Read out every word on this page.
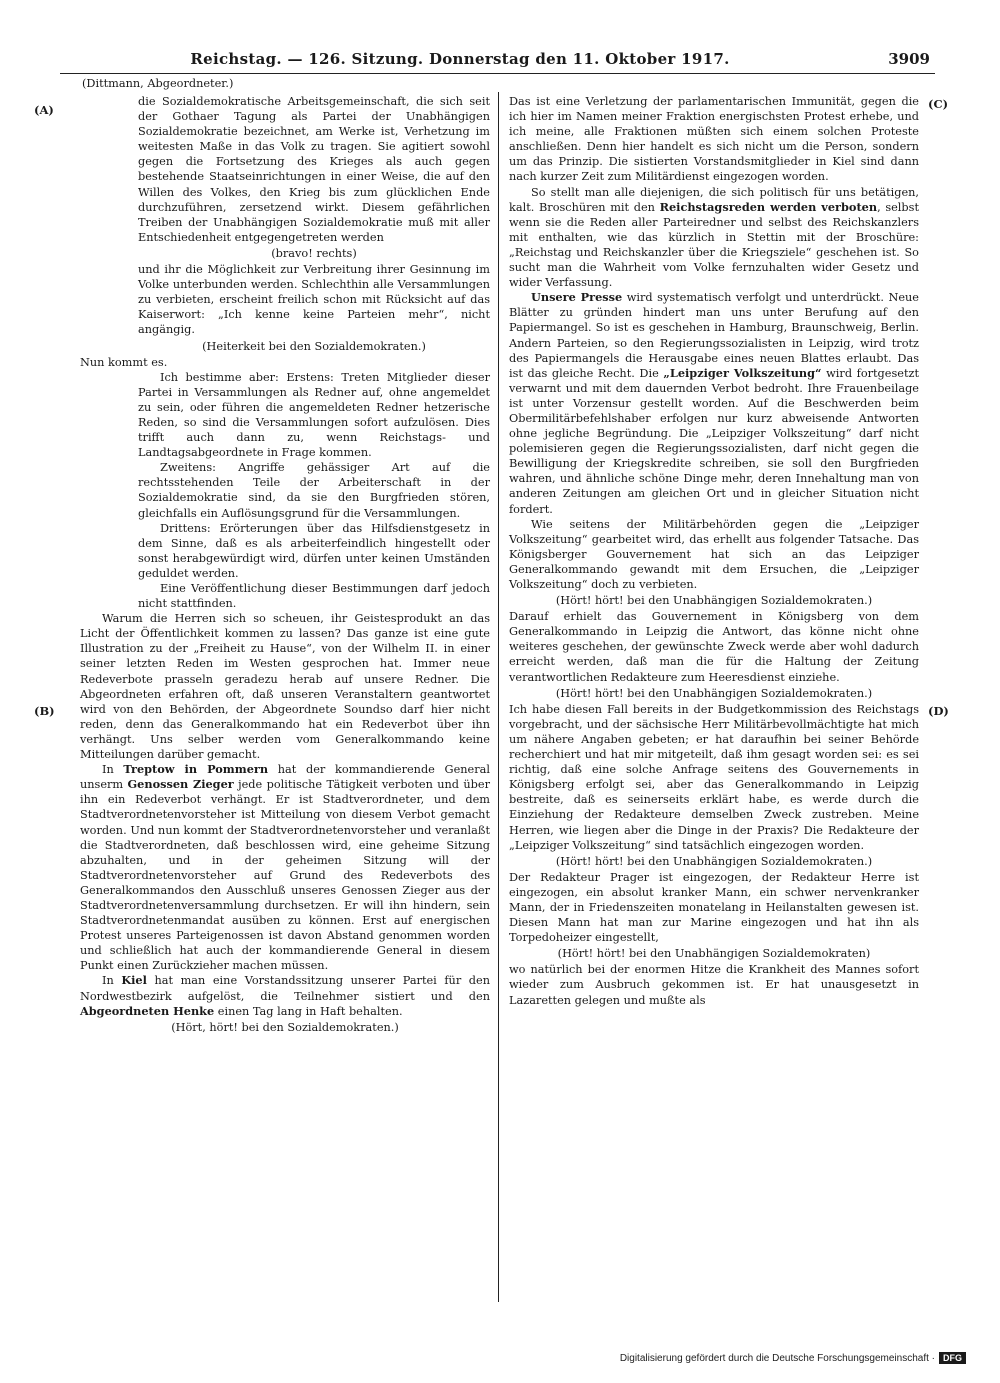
Reichstag. — 126. Sitzung. Donnerstag den 11. Oktober 1917.	3909
(Dittmann, Abgeordneter.)
(A)
(B)
(C)
(D)

die Sozialdemokratische Arbeitsgemeinschaft, die sich seit der Gothaer Tagung als Partei der Unabhängigen Sozialdemokratie bezeichnet, am Werke ist, Verhetzung im weitesten Maße in das Volk zu tragen. Sie agitiert sowohl gegen die Fortsetzung des Krieges als auch gegen bestehende Staatseinrichtungen in einer Weise, die auf den Willen des Volkes, den Krieg bis zum glücklichen Ende durchzuführen, zersetzend wirkt. Diesem gefährlichen Treiben der Unabhängigen Sozialdemokratie muß mit aller Entschiedenheit entgegengetreten werden

(bravo! rechts)

und ihr die Möglichkeit zur Verbreitung ihrer Gesinnung im Volke unterbunden werden. Schlechthin alle Versammlungen zu verbieten, erscheint freilich schon mit Rücksicht auf das Kaiserwort: „Ich kenne keine Parteien mehr“, nicht angängig.

(Heiterkeit bei den Sozialdemokraten.)

Nun kommt es.

Ich bestimme aber: Erstens: Treten Mitglieder dieser Partei in Versammlungen als Redner auf, ohne angemeldet zu sein, oder führen die angemeldeten Redner hetzerische Reden, so sind die Versammlungen sofort aufzulösen. Dies trifft auch dann zu, wenn Reichstags- und Landtagsabgeordnete in Frage kommen.

Zweitens: Angriffe gehässiger Art auf die rechtsstehenden Teile der Arbeiterschaft in der Sozialdemokratie sind, da sie den Burgfrieden stören, gleichfalls ein Auflösungsgrund für die Versammlungen.

Drittens: Erörterungen über das Hilfsdienstgesetz in dem Sinne, daß es als arbeiterfeindlich hingestellt oder sonst herabgewürdigt wird, dürfen unter keinen Umständen geduldet werden.

Eine Veröffentlichung dieser Bestimmungen darf jedoch nicht stattfinden.

Warum die Herren sich so scheuen, ihr Geistesprodukt an das Licht der Öffentlichkeit kommen zu lassen? Das ganze ist eine gute Illustration zu der „Freiheit zu Hause“, von der Wilhelm II. in einer seiner letzten Reden im Westen gesprochen hat. Immer neue Redeverbote prasseln geradezu herab auf unsere Redner. Die Abgeordneten erfahren oft, daß unseren Veranstaltern geantwortet wird von den Behörden, der Abgeordnete Soundso darf hier nicht reden, denn das Generalkommando hat ein Redeverbot über ihn verhängt. Uns selber werden vom Generalkommando keine Mitteilungen darüber gemacht.

In Treptow in Pommern hat der kommandierende General unserm Genossen Zieger jede politische Tätigkeit verboten und über ihn ein Redeverbot verhängt. Er ist Stadtverordneter, und dem Stadtverordnetenvorsteher ist Mitteilung von diesem Verbot gemacht worden. Und nun kommt der Stadtverordnetenvorsteher und veranlaßt die Stadtverordneten, daß beschlossen wird, eine geheime Sitzung abzuhalten, und in der geheimen Sitzung will der Stadtverordnetenvorsteher auf Grund des Redeverbots des Generalkommandos den Ausschluß unseres Genossen Zieger aus der Stadtverordnetenversammlung durchsetzen. Er will ihn hindern, sein Stadtverordnetenmandat ausüben zu können. Erst auf energischen Protest unseres Parteigenossen ist davon Abstand genommen worden und schließlich hat auch der kommandierende General in diesem Punkt einen Zurückzieher machen müssen.

In Kiel hat man eine Vorstandssitzung unserer Partei für den Nordwestbezirk aufgelöst, die Teilnehmer sistiert und den Abgeordneten Henke einen Tag lang in Haft behalten.

(Hört, hört! bei den Sozialdemokraten.)

Das ist eine Verletzung der parlamentarischen Immunität, gegen die ich hier im Namen meiner Fraktion energischsten Protest erhebe, und ich meine, alle Fraktionen müßten sich einem solchen Proteste anschließen. Denn hier handelt es sich nicht um die Person, sondern um das Prinzip. Die sistierten Vorstandsmitglieder in Kiel sind dann nach kurzer Zeit zum Militärdienst eingezogen worden.

So stellt man alle diejenigen, die sich politisch für uns betätigen, kalt. Broschüren mit den Reichstagsreden werden verboten, selbst wenn sie die Reden aller Parteiredner und selbst des Reichskanzlers mit enthalten, wie das kürzlich in Stettin mit der Broschüre: „Reichstag und Reichskanzler über die Kriegsziele“ geschehen ist. So sucht man die Wahrheit vom Volke fernzuhalten wider Gesetz und wider Verfassung.

Unsere Presse wird systematisch verfolgt und unterdrückt. Neue Blätter zu gründen hindert man uns unter Berufung auf den Papiermangel. So ist es geschehen in Hamburg, Braunschweig, Berlin. Andern Parteien, so den Regierungssozialisten in Leipzig, wird trotz des Papiermangels die Herausgabe eines neuen Blattes erlaubt. Das ist das gleiche Recht. Die „Leipziger Volkszeitung“ wird fortgesetzt verwarnt und mit dem dauernden Verbot bedroht. Ihre Frauenbeilage ist unter Vorzensur gestellt worden. Auf die Beschwerden beim Obermilitärbefehlshaber erfolgen nur kurz abweisende Antworten ohne jegliche Begründung. Die „Leipziger Volkszeitung“ darf nicht polemisieren gegen die Regierungssozialisten, darf nicht gegen die Bewilligung der Kriegskredite schreiben, sie soll den Burgfrieden wahren, und ähnliche schöne Dinge mehr, deren Innehaltung man von anderen Zeitungen am gleichen Ort und in gleicher Situation nicht fordert.

Wie seitens der Militärbehörden gegen die „Leipziger Volkszeitung“ gearbeitet wird, das erhellt aus folgender Tatsache. Das Königsberger Gouvernement hat sich an das Leipziger Generalkommando gewandt mit dem Ersuchen, die „Leipziger Volkszeitung“ doch zu verbieten.

(Hört! hört! bei den Unabhängigen Sozialdemokraten.)

Darauf erhielt das Gouvernement in Königsberg von dem Generalkommando in Leipzig die Antwort, das könne nicht ohne weiteres geschehen, der gewünschte Zweck werde aber wohl dadurch erreicht werden, daß man die für die Haltung der Zeitung verantwortlichen Redakteure zum Heeresdienst einziehe.

(Hört! hört! bei den Unabhängigen Sozialdemokraten.)

Ich habe diesen Fall bereits in der Budgetkommission des Reichstags vorgebracht, und der sächsische Herr Militärbevollmächtigte hat mich um nähere Angaben gebeten; er hat daraufhin bei seiner Behörde recherchiert und hat mir mitgeteilt, daß ihm gesagt worden sei: es sei richtig, daß eine solche Anfrage seitens des Gouvernements in Königsberg erfolgt sei, aber das Generalkommando in Leipzig bestreite, daß es seinerseits erklärt habe, es werde durch die Einziehung der Redakteure demselben Zweck zustreben. Meine Herren, wie liegen aber die Dinge in der Praxis? Die Redakteure der „Leipziger Volkszeitung“ sind tatsächlich eingezogen worden.

(Hört! hört! bei den Unabhängigen Sozialdemokraten.)

Der Redakteur Prager ist eingezogen, der Redakteur Herre ist eingezogen, ein absolut kranker Mann, ein schwer nervenkranker Mann, der in Friedenszeiten monatelang in Heilanstalten gewesen ist. Diesen Mann hat man zur Marine eingezogen und hat ihn als Torpedoheizer eingestellt,

(Hört! hört! bei den Unabhängigen Sozialdemokraten)

wo natürlich bei der enormen Hitze die Krankheit des Mannes sofort wieder zum Ausbruch gekommen ist. Er hat unausgesetzt in Lazaretten gelegen und mußte als

Digitalisierung gefördert durch die Deutsche Forschungsgemeinschaft · DFG
